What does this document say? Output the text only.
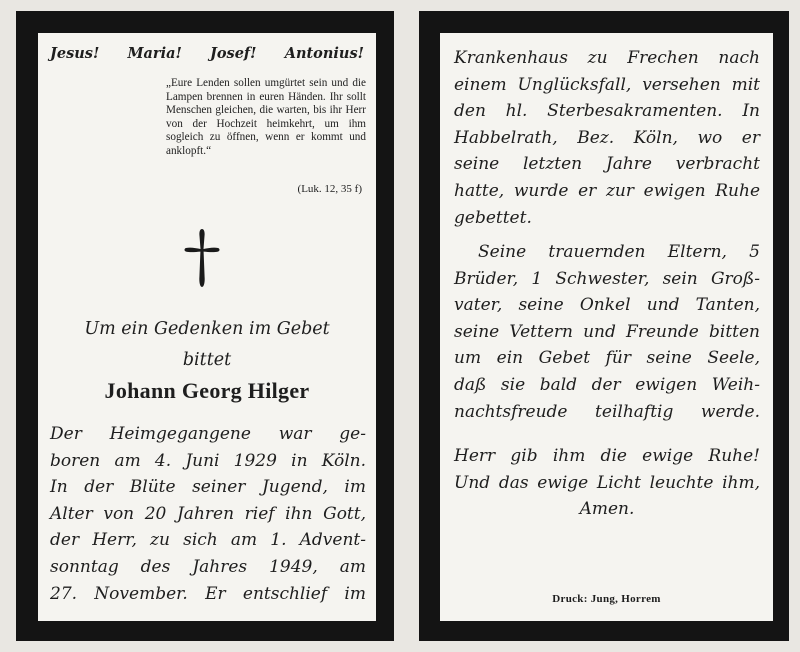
Jesus! Maria! Josef! Antonius!
„Eure Lenden sollen umgürtet sein und die Lampen brennen in euren Händen. Ihr sollt Menschen gleichen, die warten, bis ihr Herr von der Hochzeit heimkehrt, um ihm sogleich zu öffnen, wenn er kommt und anklopft.“
(Luk. 12, 35 f)
Um ein Gedenken im Gebet
bittet
Johann Georg Hilger
Der Heimgegangene war ge-
boren am 4. Juni 1929 in Köln.
In der Blüte seiner Jugend, im
Alter von 20 Jahren rief ihn Gott,
der Herr, zu sich am 1. Advent-
sonntag des Jahres 1949, am
27. November. Er entschlief im
Krankenhaus zu Frechen nach
einem Unglücksfall, versehen mit
den hl. Sterbesakramenten. In
Habbelrath, Bez. Köln, wo er
seine letzten Jahre verbracht
hatte, wurde er zur ewigen Ruhe
gebettet.
Seine trauernden Eltern, 5
Brüder, 1 Schwester, sein Groß-
vater, seine Onkel und Tanten,
seine Vettern und Freunde bitten
um ein Gebet für seine Seele,
daß sie bald der ewigen Weih-
nachtsfreude teilhaftig werde.
Herr gib ihm die ewige Ruhe!
Und das ewige Licht leuchte ihm,
Amen.
Druck: Jung, Horrem
